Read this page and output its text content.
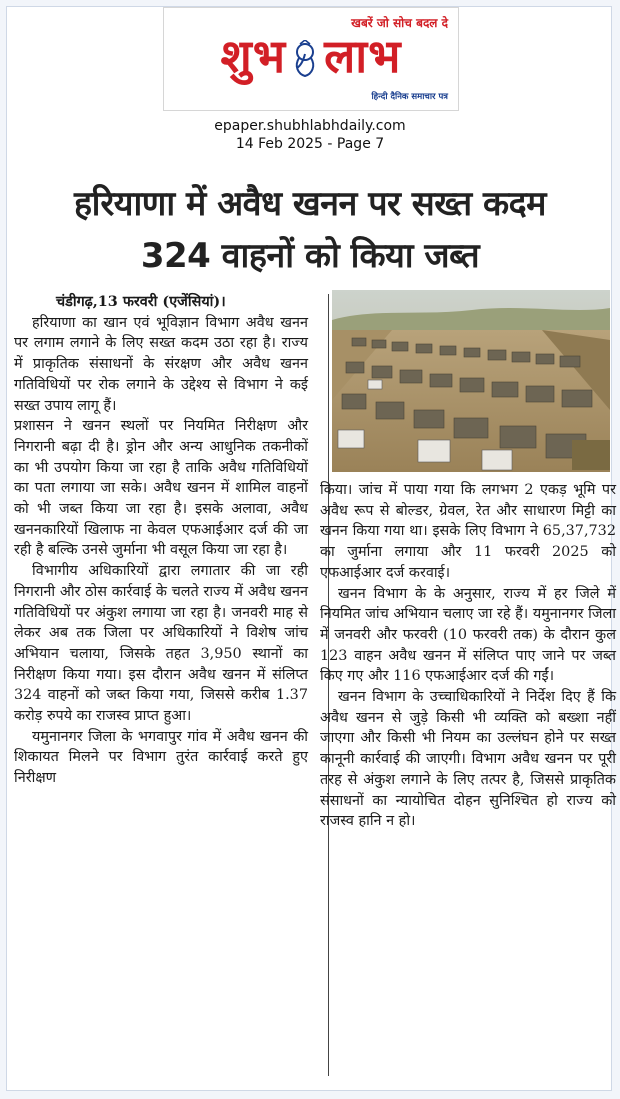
खबरें जो सोच बदल दे
शुभ लाभ
हिन्दी दैनिक समाचार पत्र
epaper.shubhlabhdaily.com
14 Feb 2025 - Page 7
हरियाणा में अवैध खनन पर सख्त कदम
324 वाहनों को किया जब्त

चंडीगढ़,13 फरवरी (एजेंसियां)।

हरियाणा का खान एवं भूविज्ञान विभाग अवैध खनन पर लगाम लगाने के लिए सख्त कदम उठा रहा है। राज्य में प्राकृतिक संसाधनों के संरक्षण और अवैध खनन गतिविधियों पर रोक लगाने के उद्देश्य से विभाग ने कई सख्त उपाय लागू हैं।

प्रशासन ने खनन स्थलों पर नियमित निरीक्षण और निगरानी बढ़ा दी है। ड्रोन और अन्य आधुनिक तकनीकों का भी उपयोग किया जा रहा है ताकि अवैध गतिविधियों का पता लगाया जा सके। अवैध खनन में शामिल वाहनों को भी जब्त किया जा रहा है। इसके अलावा, अवैध खननकारियों खिलाफ ना केवल एफआईआर दर्ज की जा रही है बल्कि उनसे जुर्माना भी वसूल किया जा रहा है।

विभागीय अधिकारियों द्वारा लगातार की जा रही निगरानी और ठोस कार्रवाई के चलते राज्य में अवैध खनन गतिविधियों पर अंकुश लगाया जा रहा है। जनवरी माह से लेकर अब तक जिला पर अधिकारियों ने विशेष जांच अभियान चलाया, जिसके तहत 3,950 स्थानों का निरीक्षण किया गया। इस दौरान अवैध खनन में संलिप्त 324 वाहनों को जब्त किया गया, जिससे करीब 1.37 करोड़ रुपये का राजस्व प्राप्त हुआ।

यमुनानगर जिला के भगवापुर गांव में अवैध खनन की शिकायत मिलने पर विभाग तुरंत कार्रवाई करते हुए निरीक्षण

किया। जांच में पाया गया कि लगभग 2 एकड़ भूमि पर अवैध रूप से बोल्डर, ग्रेवल, रेत और साधारण मिट्टी का खनन किया गया था। इसके लिए विभाग ने 65,37,732 का जुर्माना लगाया और 11 फरवरी 2025 को एफआईआर दर्ज करवाई।

खनन विभाग के के अनुसार, राज्य में हर जिले में नियमित जांच अभियान चलाए जा रहे हैं। यमुनानगर जिला में जनवरी और फरवरी (10 फरवरी तक) के दौरान कुल 123 वाहन अवैध खनन में संलिप्त पाए जाने पर जब्त किए गए और 116 एफआईआर दर्ज की गईं।

खनन विभाग के उच्चाधिकारियों ने निर्देश दिए हैं कि अवैध खनन से जुड़े किसी भी व्यक्ति को बख्शा नहीं जाएगा और किसी भी नियम का उल्लंघन होने पर सख्त कानूनी कार्रवाई की जाएगी। विभाग अवैध खनन पर पूरी तरह से अंकुश लगाने के लिए तत्पर है, जिससे प्राकृतिक संसाधनों का न्यायोचित दोहन सुनिश्चित हो राज्य को राजस्व हानि न हो।
